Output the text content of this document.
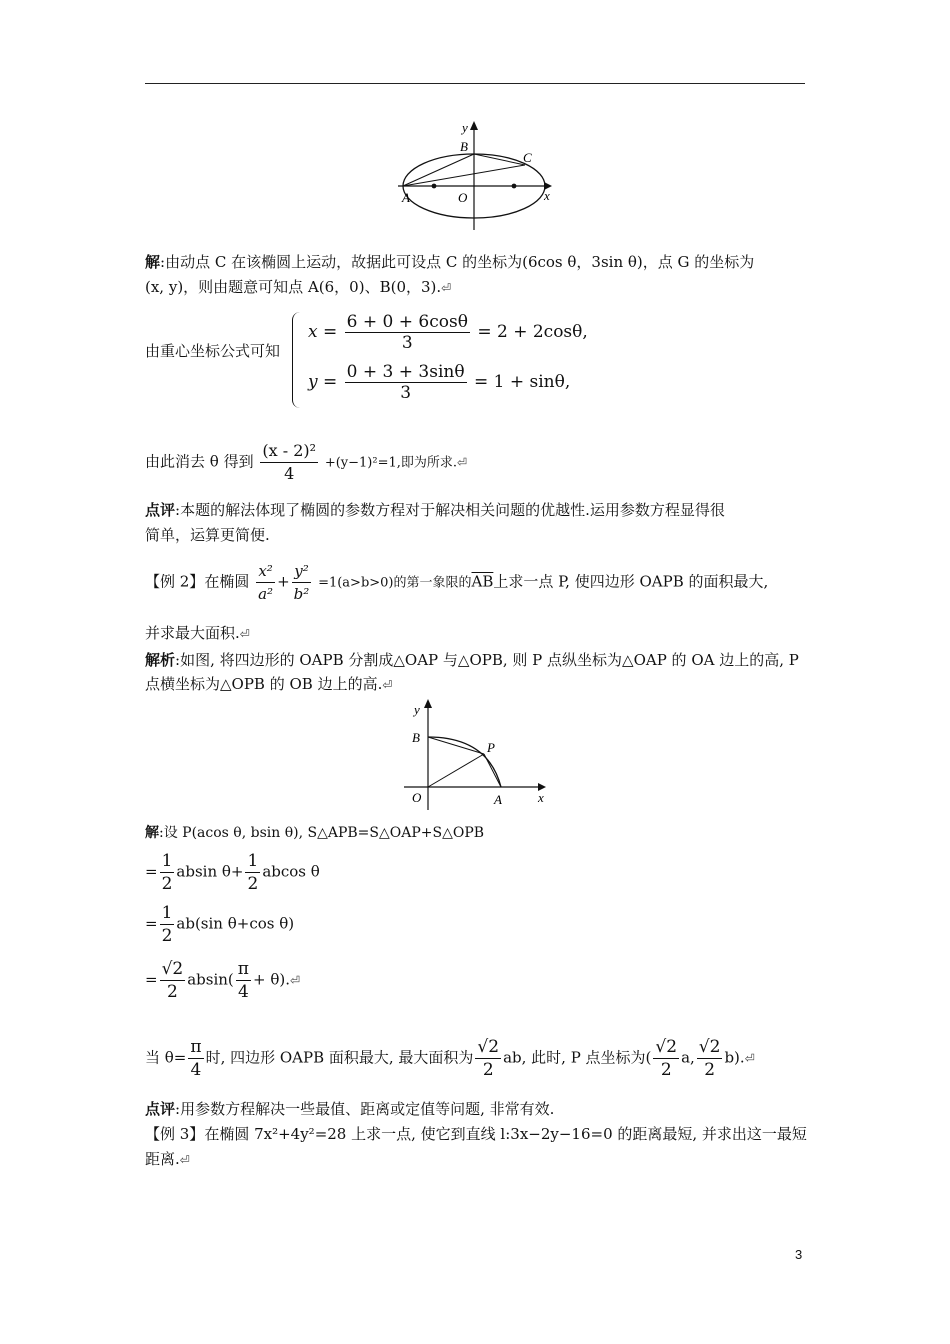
y
x
B
C
A	O
解:由动点 C 在该椭圆上运动，故据此可设点 C 的坐标为(6cos θ，3sin θ)，点 G 的坐标为
(x, y)，则由题意可知点 A(6，0)、B(0，3).⏎
由重心坐标公式可知
$x = \frac{6 + 0 + 6\cos\theta}{3} = 2 + 2\cos\theta$,
$y = \frac{0 + 3 + 3\sin\theta}{3} = 1 + \sin\theta$,
由此消去 θ 得到 $\frac{\text{(x - 2)²}}{4} +(y-1)^2=1$,即为所求.⏎
点评:本题的解法体现了椭圆的参数方程对于解决相关问题的优越性.运用参数方程显得很
简单，运算更简便.
【例 2】在椭圆 $\frac{\text{x²}}{\text{a²}} + \frac{\text{y²}}{\text{b²}} =1(a>b>0)$的第一象限的$\overline{AB}$上求一点 P, 使四边形 OAPB 的面积最大,
并求最大面积.⏎
解析:如图, 将四边形的 OAPB 分割成△OAP 与△OPB, 则 P 点纵坐标为△OAP 的 OA 边上的高, P
点横坐标为△OPB 的 OB 边上的高.⏎
y
B
P
O	A	x
解:设 P(acos θ, bsin θ), S△APB=S△OAP+S△OPB
= $\frac{1}{2}$ absin $\theta+ \frac{1}{2}$ abcos θ
= $\frac{1}{2} ab(\sin$ θ+cos θ)
= $\frac{√2}{2} absin( \frac{\pi}{4}$ + θ).⏎
当 $\theta= \frac{\pi}{4}$ 时, 四边形 OAPB 面积最大, 最大面积为 $\frac{√2}{2}$ ab, 此时, P 点坐标为( $\frac{√2}{2} a$, $\frac{√2}{2}$ b).⏎
点评:用参数方程解决一些最值、距离或定值等问题, 非常有效.
【例 3】在椭圆 7x²+4y²=28 上求一点, 使它到直线 l:3x−2y−16=0 的距离最短, 并求出这一最短
距离.⏎
3
